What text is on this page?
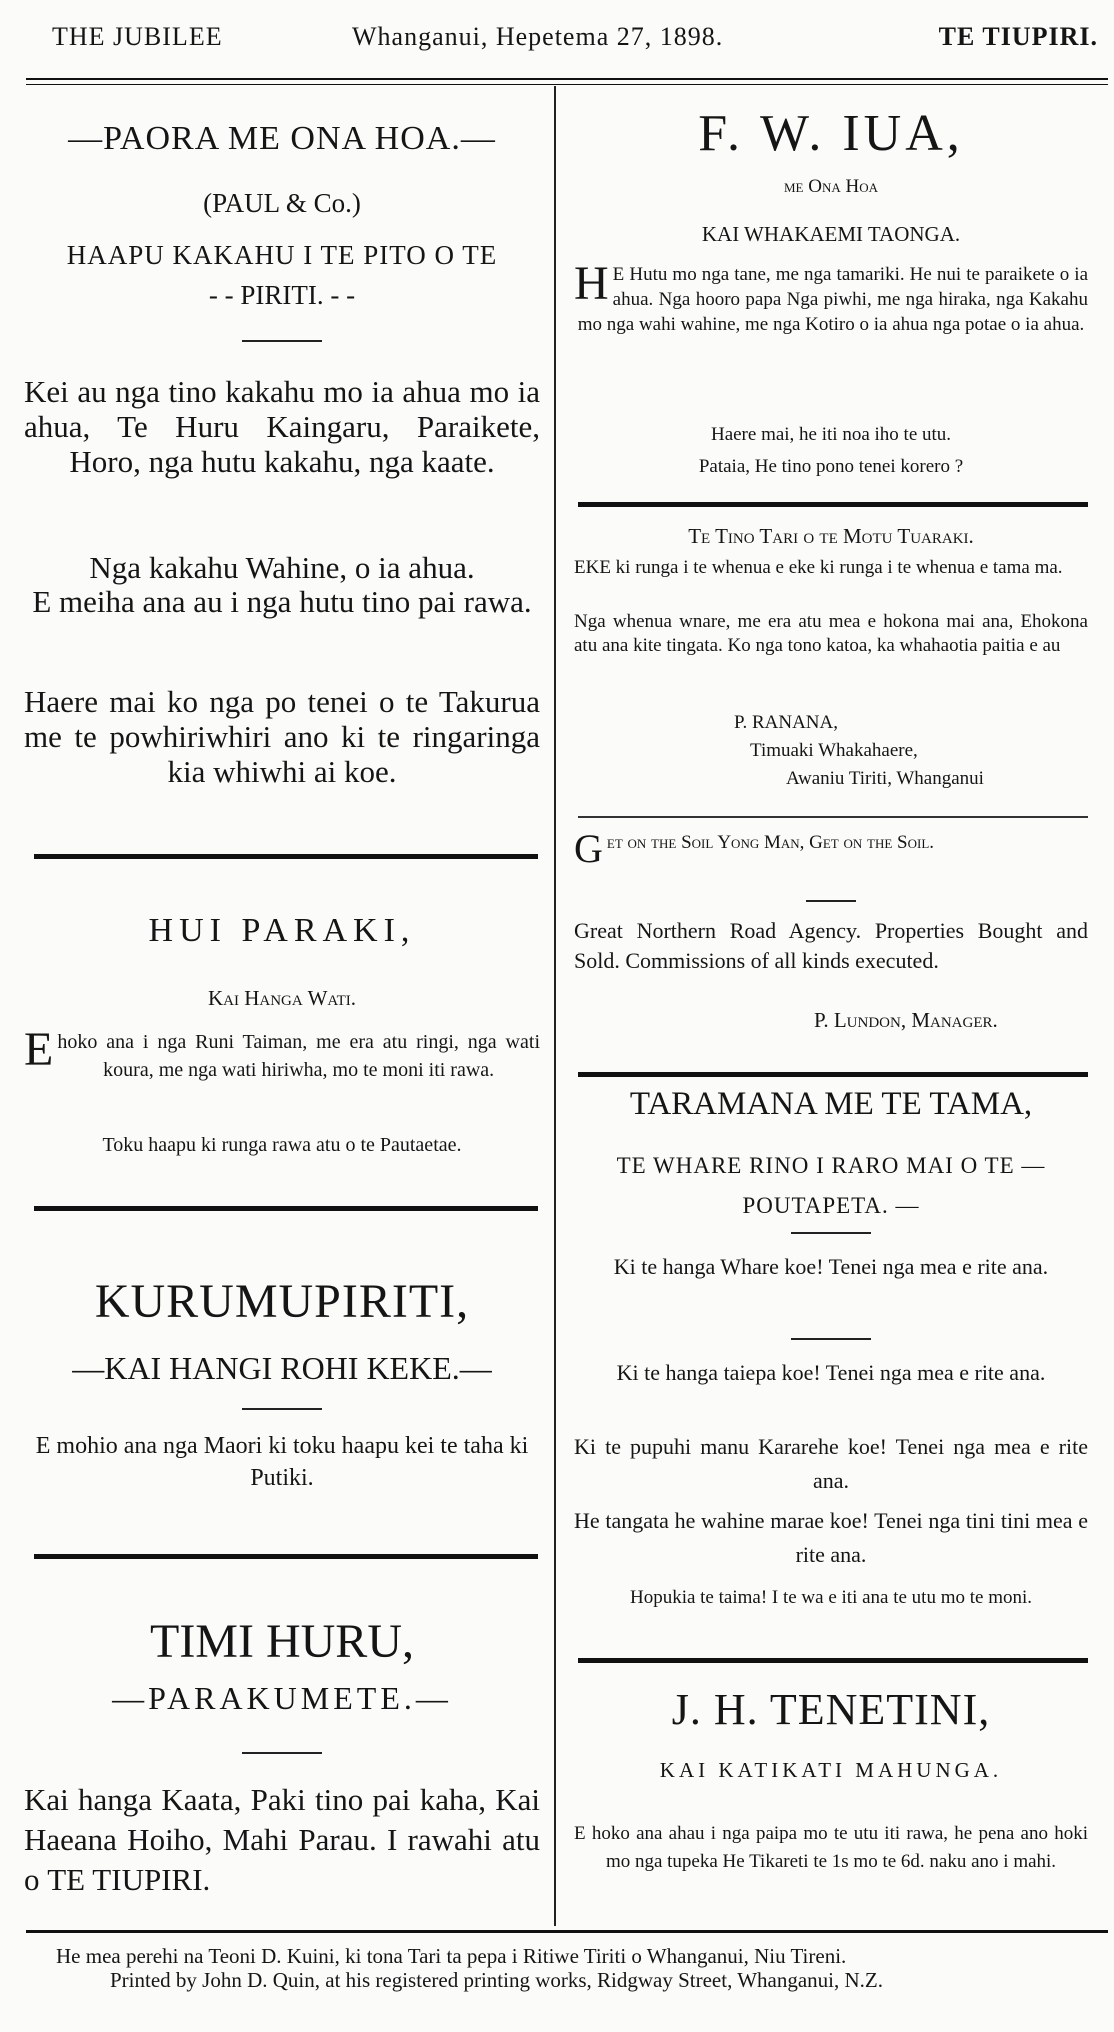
THE JUBILEE	Whanganui, Hepetema 27, 1898.	TE TIUPIRI.
—PAORA ME ONA HOA.—
(PAUL & Co.)
HAAPU KAKAHU I TE PITO O TE
- - PIRITI. - -
Kei au nga tino kakahu mo ia ahua mo ia ahua, Te Huru Kaingaru, Paraikete, Horo, nga hutu kakahu, nga kaate.
Nga kakahu Wahine, o ia ahua.
E meiha ana au i nga hutu tino pai rawa.
Haere mai ko nga po tenei o te Takurua me te powhiriwhiri ano ki te ringaringa kia whiwhi ai koe.
HUI PARAKI,
Kai Hanga Wati.
E hoko ana i nga Runi Taiman, me era atu ringi, nga wati koura, me nga wati hiriwha, mo te moni iti rawa.
Toku haapu ki runga rawa atu o te Pautaetae.
KURUMUPIRITI,
—KAI HANGI ROHI KEKE.—
E mohio ana nga Maori ki toku haapu kei te taha ki Putiki.
TIMI HURU,
—PARAKUMETE.—
Kai hanga Kaata, Paki tino pai kaha, Kai Haeana Hoiho, Mahi Parau. I rawahi atu o TE TIUPIRI.
F. W. IUA,
me Ona Hoa
KAI WHAKAEMI TAONGA.
H E Hutu mo nga tane, me nga tamariki. He nui te paraikete o ia ahua. Nga hooro papa Nga piwhi, me nga hiraka, nga Kakahu mo nga wahi wahine, me nga Kotiro o ia ahua nga potae o ia ahua.
Haere mai, he iti noa iho te utu.
Pataia, He tino pono tenei korero ?
Te Tino Tari o te Motu Tuaraki.
EKE ki runga i te whenua e eke ki runga i te whenua e tama ma.
Nga whenua wnare, me era atu mea e hokona mai ana, Ehokona atu ana kite tingata. Ko nga tono katoa, ka whahaotia paitia e au
P. RANANA,
Timuaki Whakahaere,
Awaniu Tiriti, Whanganui
G et on the Soil Yong Man, Get on the Soil.
Great Northern Road Agency. Properties Bought and Sold. Commissions of all kinds executed.
P. Lundon, Manager.
TARAMANA ME TE TAMA,
TE WHARE RINO I RARO MAI O TE — POUTAPETA. —
Ki te hanga Whare koe! Tenei nga mea e rite ana.
Ki te hanga taiepa koe! Tenei nga mea e rite ana.
Ki te pupuhi manu Kararehe koe! Tenei nga mea e rite ana.
He tangata he wahine marae koe! Tenei nga tini tini mea e rite ana.
Hopukia te taima! I te wa e iti ana te utu mo te moni.
J. H. TENETINI,
KAI KATIKATI MAHUNGA.
E hoko ana ahau i nga paipa mo te utu iti rawa, he pena ano hoki mo nga tupeka He Tikareti te 1s mo te 6d. naku ano i mahi.
He mea perehi na Teoni D. Kuini, ki tona Tari ta pepa i Ritiwe Tiriti o Whanganui, Niu Tireni.
Printed by John D. Quin, at his registered printing works, Ridgway Street, Whanganui, N.Z.
